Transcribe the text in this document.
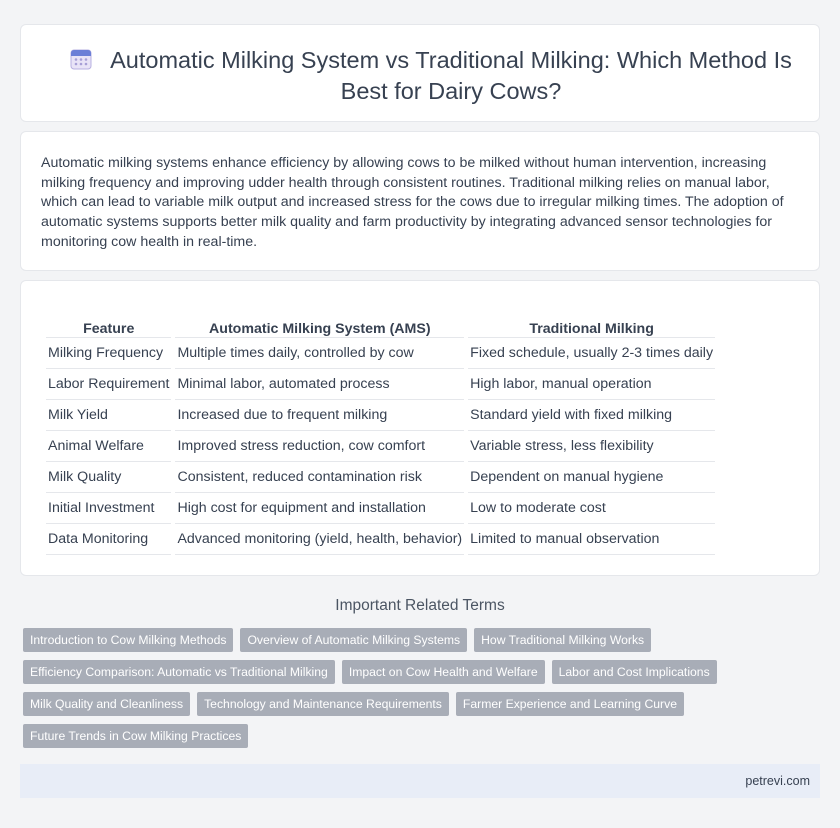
Automatic Milking System vs Traditional Milking: Which Method Is Best for Dairy Cows?

Automatic milking systems enhance efficiency by allowing cows to be milked without human intervention, increasing milking frequency and improving udder health through consistent routines. Traditional milking relies on manual labor, which can lead to variable milk output and increased stress for the cows due to irregular milking times. The adoption of automatic systems supports better milk quality and farm productivity by integrating advanced sensor technologies for monitoring cow health in real-time.

Feature	Automatic Milking System (AMS)	Traditional Milking
Milking Frequency	Multiple times daily, controlled by cow	Fixed schedule, usually 2-3 times daily
Labor Requirement	Minimal labor, automated process	High labor, manual operation
Milk Yield	Increased due to frequent milking	Standard yield with fixed milking
Animal Welfare	Improved stress reduction, cow comfort	Variable stress, less flexibility
Milk Quality	Consistent, reduced contamination risk	Dependent on manual hygiene
Initial Investment	High cost for equipment and installation	Low to moderate cost
Data Monitoring	Advanced monitoring (yield, health, behavior)	Limited to manual observation
Important Related Terms
Introduction to Cow Milking Methods	Overview of Automatic Milking Systems	How Traditional Milking Works
Efficiency Comparison: Automatic vs Traditional Milking	Impact on Cow Health and Welfare	Labor and Cost Implications
Milk Quality and Cleanliness	Technology and Maintenance Requirements	Farmer Experience and Learning Curve
Future Trends in Cow Milking Practices
petrevi.com
